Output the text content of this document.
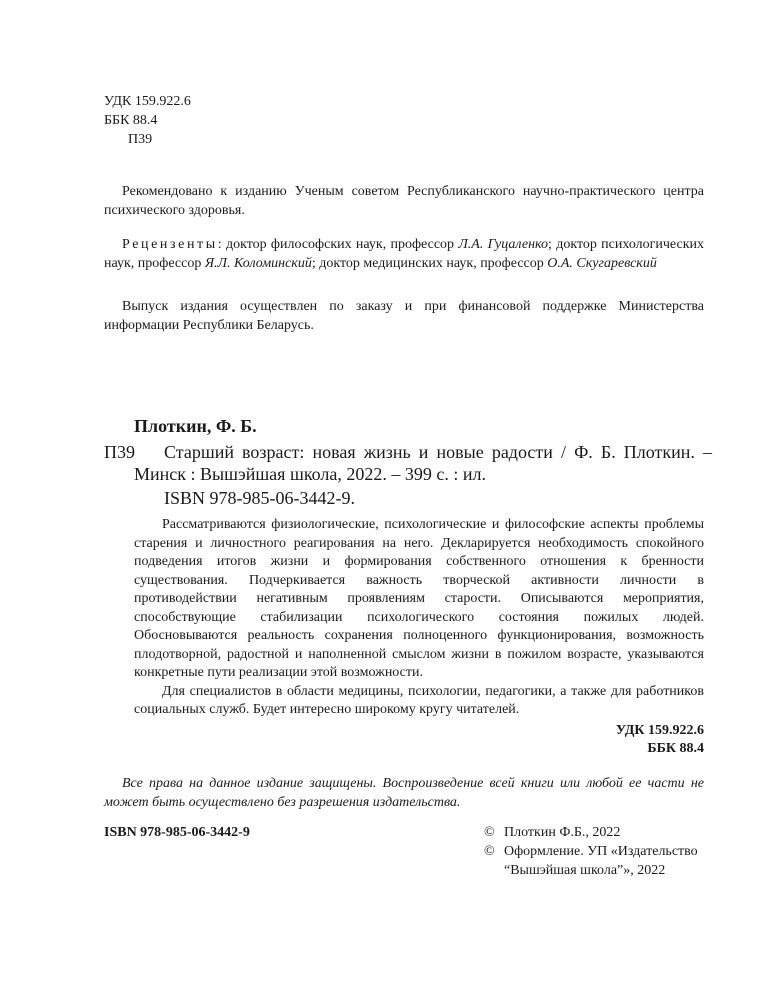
УДК 159.922.6
ББК 88.4
П39
Рекомендовано к изданию Ученым советом Республиканского научно-практического центра психического здоровья.
Рецензенты: доктор философских наук, профессор Л.А. Гуцаленко; доктор психологических наук, профессор Я.Л. Коломинский; доктор медицинских наук, профессор О.А. Скугаревский
Выпуск издания осуществлен по заказу и при финансовой поддержке Министерства информации Республики Беларусь.
Плоткин, Ф. Б.
П39	Старший возраст: новая жизнь и новые радости / Ф. Б. Плоткин. – Минск : Вышэйшая школа, 2022. – 399 с. : ил.
ISBN 978-985-06-3442-9.

Рассматриваются физиологические, психологические и философские аспекты проблемы старения и личностного реагирования на него. Декларируется необходимость спокойного подведения итогов жизни и формирования собственного отношения к бренности существования. Подчеркивается важность творческой активности личности в противодействии негативным проявлениям старости. Описываются мероприятия, способствующие стабилизации психологического состояния пожилых людей. Обосновываются реальность сохранения полноценного функционирования, возможность плодотворной, радостной и наполненной смыслом жизни в пожилом возрасте, указываются конкретные пути реализации этой возможности.

Для специалистов в области медицины, психологии, педагогики, а также для работников социальных служб. Будет интересно широкому кругу читателей.

УДК 159.922.6
ББК 88.4
Все права на данное издание защищены. Воспроизведение всей книги или любой ее части не может быть осуществлено без разрешения издательства.
ISBN 978-985-06-3442-9	© Плоткин Ф.Б., 2022
© Оформление. УП «Издательство
“Вышэйшая школа”», 2022
